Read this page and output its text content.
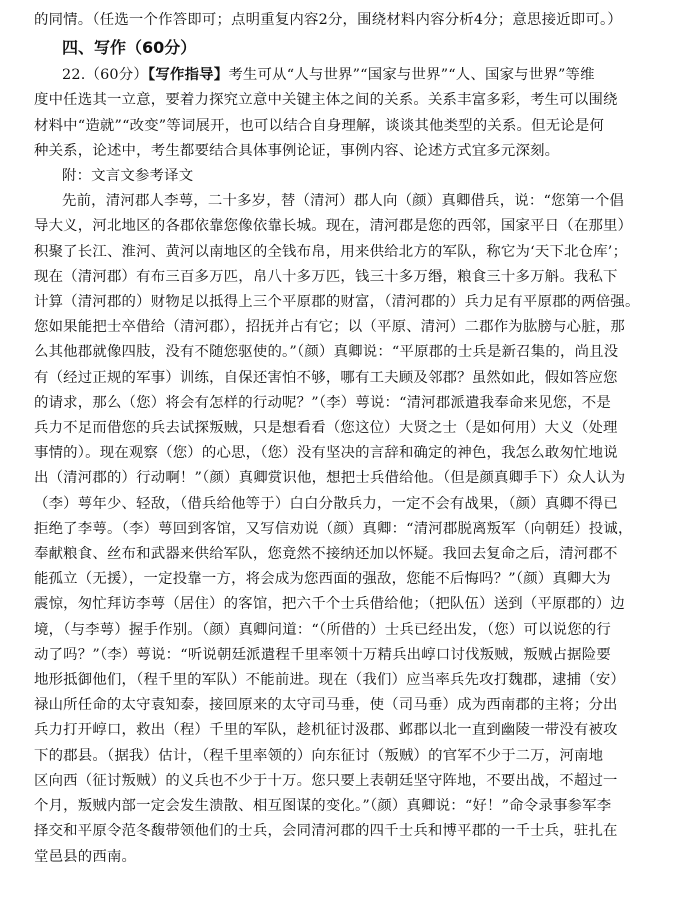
的同情。（任选一个作答即可；点明重复内容2分，围绕材料内容分析4分；意思接近即可。）
四、写作（60分）
22.（60分）【写作指导】考生可从“人与世界”“国家与世界”“人、国家与世界”等维
度中任选其一立意，要着力探究立意中关键主体之间的关系。关系丰富多彩，考生可以围绕
材料中“造就”“改变”等词展开，也可以结合自身理解，谈谈其他类型的关系。但无论是何
种关系，论述中，考生都要结合具体事例论证，事例内容、论述方式宜多元深刻。
附：文言文参考译文
先前，清河郡人李萼，二十多岁，替（清河）郡人向（颜）真卿借兵，说：“您第一个倡
导大义，河北地区的各郡依靠您像依靠长城。现在，清河郡是您的西邻，国家平日（在那里）
积聚了长江、淮河、黄河以南地区的全钱布帛，用来供给北方的军队，称它为‘天下北仓库’；
现在（清河郡）有布三百多万匹，帛八十多万匹，钱三十多万缗，粮食三十多万斛。我私下
计算（清河郡的）财物足以抵得上三个平原郡的财富，（清河郡的）兵力足有平原郡的两倍强。
您如果能把士卒借给（清河郡），招抚并占有它；以（平原、清河）二郡作为肱膀与心脏，那
么其他郡就像四肢，没有不随您驱使的。”（颜）真卿说：“平原郡的士兵是新召集的，尚且没
有（经过正规的军事）训练，自保还害怕不够，哪有工夫顾及邻郡？虽然如此，假如答应您
的请求，那么（您）将会有怎样的行动呢？”（李）萼说：“清河郡派遣我奉命来见您，不是
兵力不足而借您的兵去试探叛贼，只是想看看（您这位）大贤之士（是如何用）大义（处理
事情的）。现在观察（您）的心思，（您）没有坚决的言辞和确定的神色，我怎么敢匆忙地说
出（清河郡的）行动啊！”（颜）真卿赏识他，想把士兵借给他。（但是颜真卿手下）众人认为
（李）萼年少、轻敌，（借兵给他等于）白白分散兵力，一定不会有战果，（颜）真卿不得已
拒绝了李萼。（李）萼回到客馆，又写信劝说（颜）真卿：“清河郡脱离叛军（向朝廷）投诚，
奉献粮食、丝布和武器来供给军队，您竟然不接纳还加以怀疑。我回去复命之后，清河郡不
能孤立（无援），一定投靠一方，将会成为您西面的强敌，您能不后悔吗？”（颜）真卿大为
震惊，匆忙拜访李萼（居住）的客馆，把六千个士兵借给他；（把队伍）送到（平原郡的）边
境，（与李萼）握手作别。（颜）真卿问道：“（所借的）士兵已经出发，（您）可以说您的行
动了吗？”（李）萼说：“听说朝廷派遣程千里率领十万精兵出崞口讨伐叛贼，叛贼占据险要
地形抵御他们，（程千里的军队）不能前进。现在（我们）应当率兵先攻打魏郡，逮捕（安）
禄山所任命的太守袁知泰，接回原来的太守司马垂，使（司马垂）成为西南郡的主将；分出
兵力打开崞口，救出（程）千里的军队，趁机征讨汲郡、邺郡以北一直到幽陵一带没有被攻
下的郡县。（据我）估计，（程千里率领的）向东征讨（叛贼）的官军不少于二万，河南地
区向西（征讨叛贼）的义兵也不少于十万。您只要上表朝廷坚守阵地，不要出战，不超过一
个月，叛贼内部一定会发生溃散、相互图谋的变化。”（颜）真卿说：“好！”命令录事参军李
择交和平原令范冬馥带领他们的士兵，会同清河郡的四千士兵和博平郡的一千士兵，驻扎在
堂邑县的西南。
